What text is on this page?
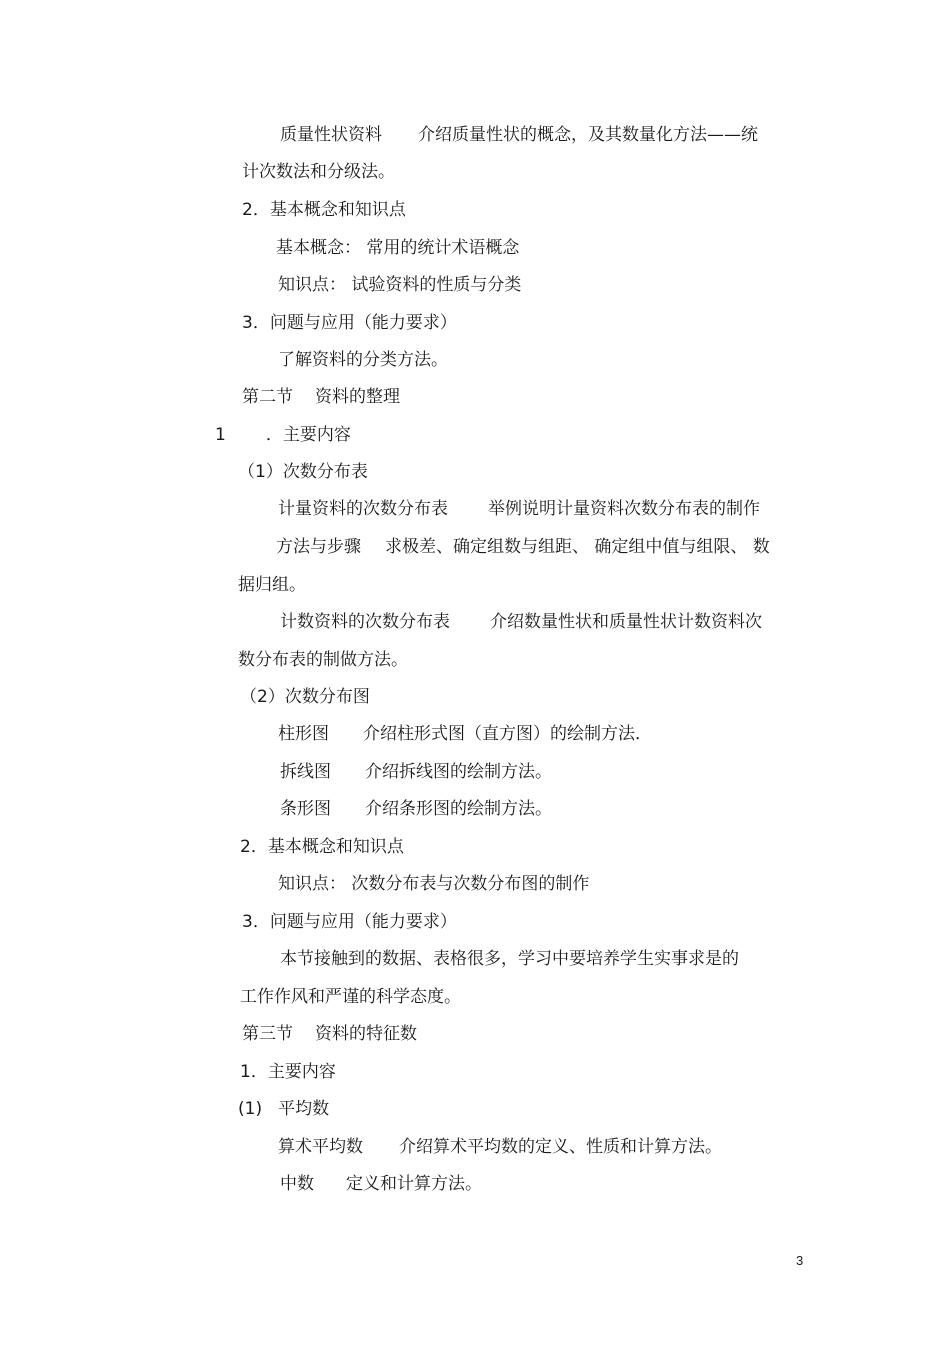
质量性状资料 介绍质量性状的概念，及其数量化方法——统
计次数法和分级法。
2．基本概念和知识点
基本概念： 常用的统计术语概念
知识点： 试验资料的性质与分类
3．问题与应用（能力要求）
了解资料的分类方法。
第二节 资料的整理
1 ．主要内容
（1）次数分布表
计量资料的次数分布表 举例说明计量资料次数分布表的制作
方法与步骤 求极差、确定组数与组距、 确定组中值与组限、 数
据归组。
计数资料的次数分布表 介绍数量性状和质量性状计数资料次
数分布表的制做方法。
（2）次数分布图
柱形图 介绍柱形式图（直方图）的绘制方法．
拆线图 介绍拆线图的绘制方法。
条形图 介绍条形图的绘制方法。
2．基本概念和知识点
知识点： 次数分布表与次数分布图的制作
3．问题与应用（能力要求）
本节接触到的数据、表格很多，学习中要培养学生实事求是的
工作作风和严谨的科学态度。
第三节 资料的特征数
1．主要内容
(1) 平均数
算术平均数 介绍算术平均数的定义、性质和计算方法。
中数 定义和计算方法。
3
